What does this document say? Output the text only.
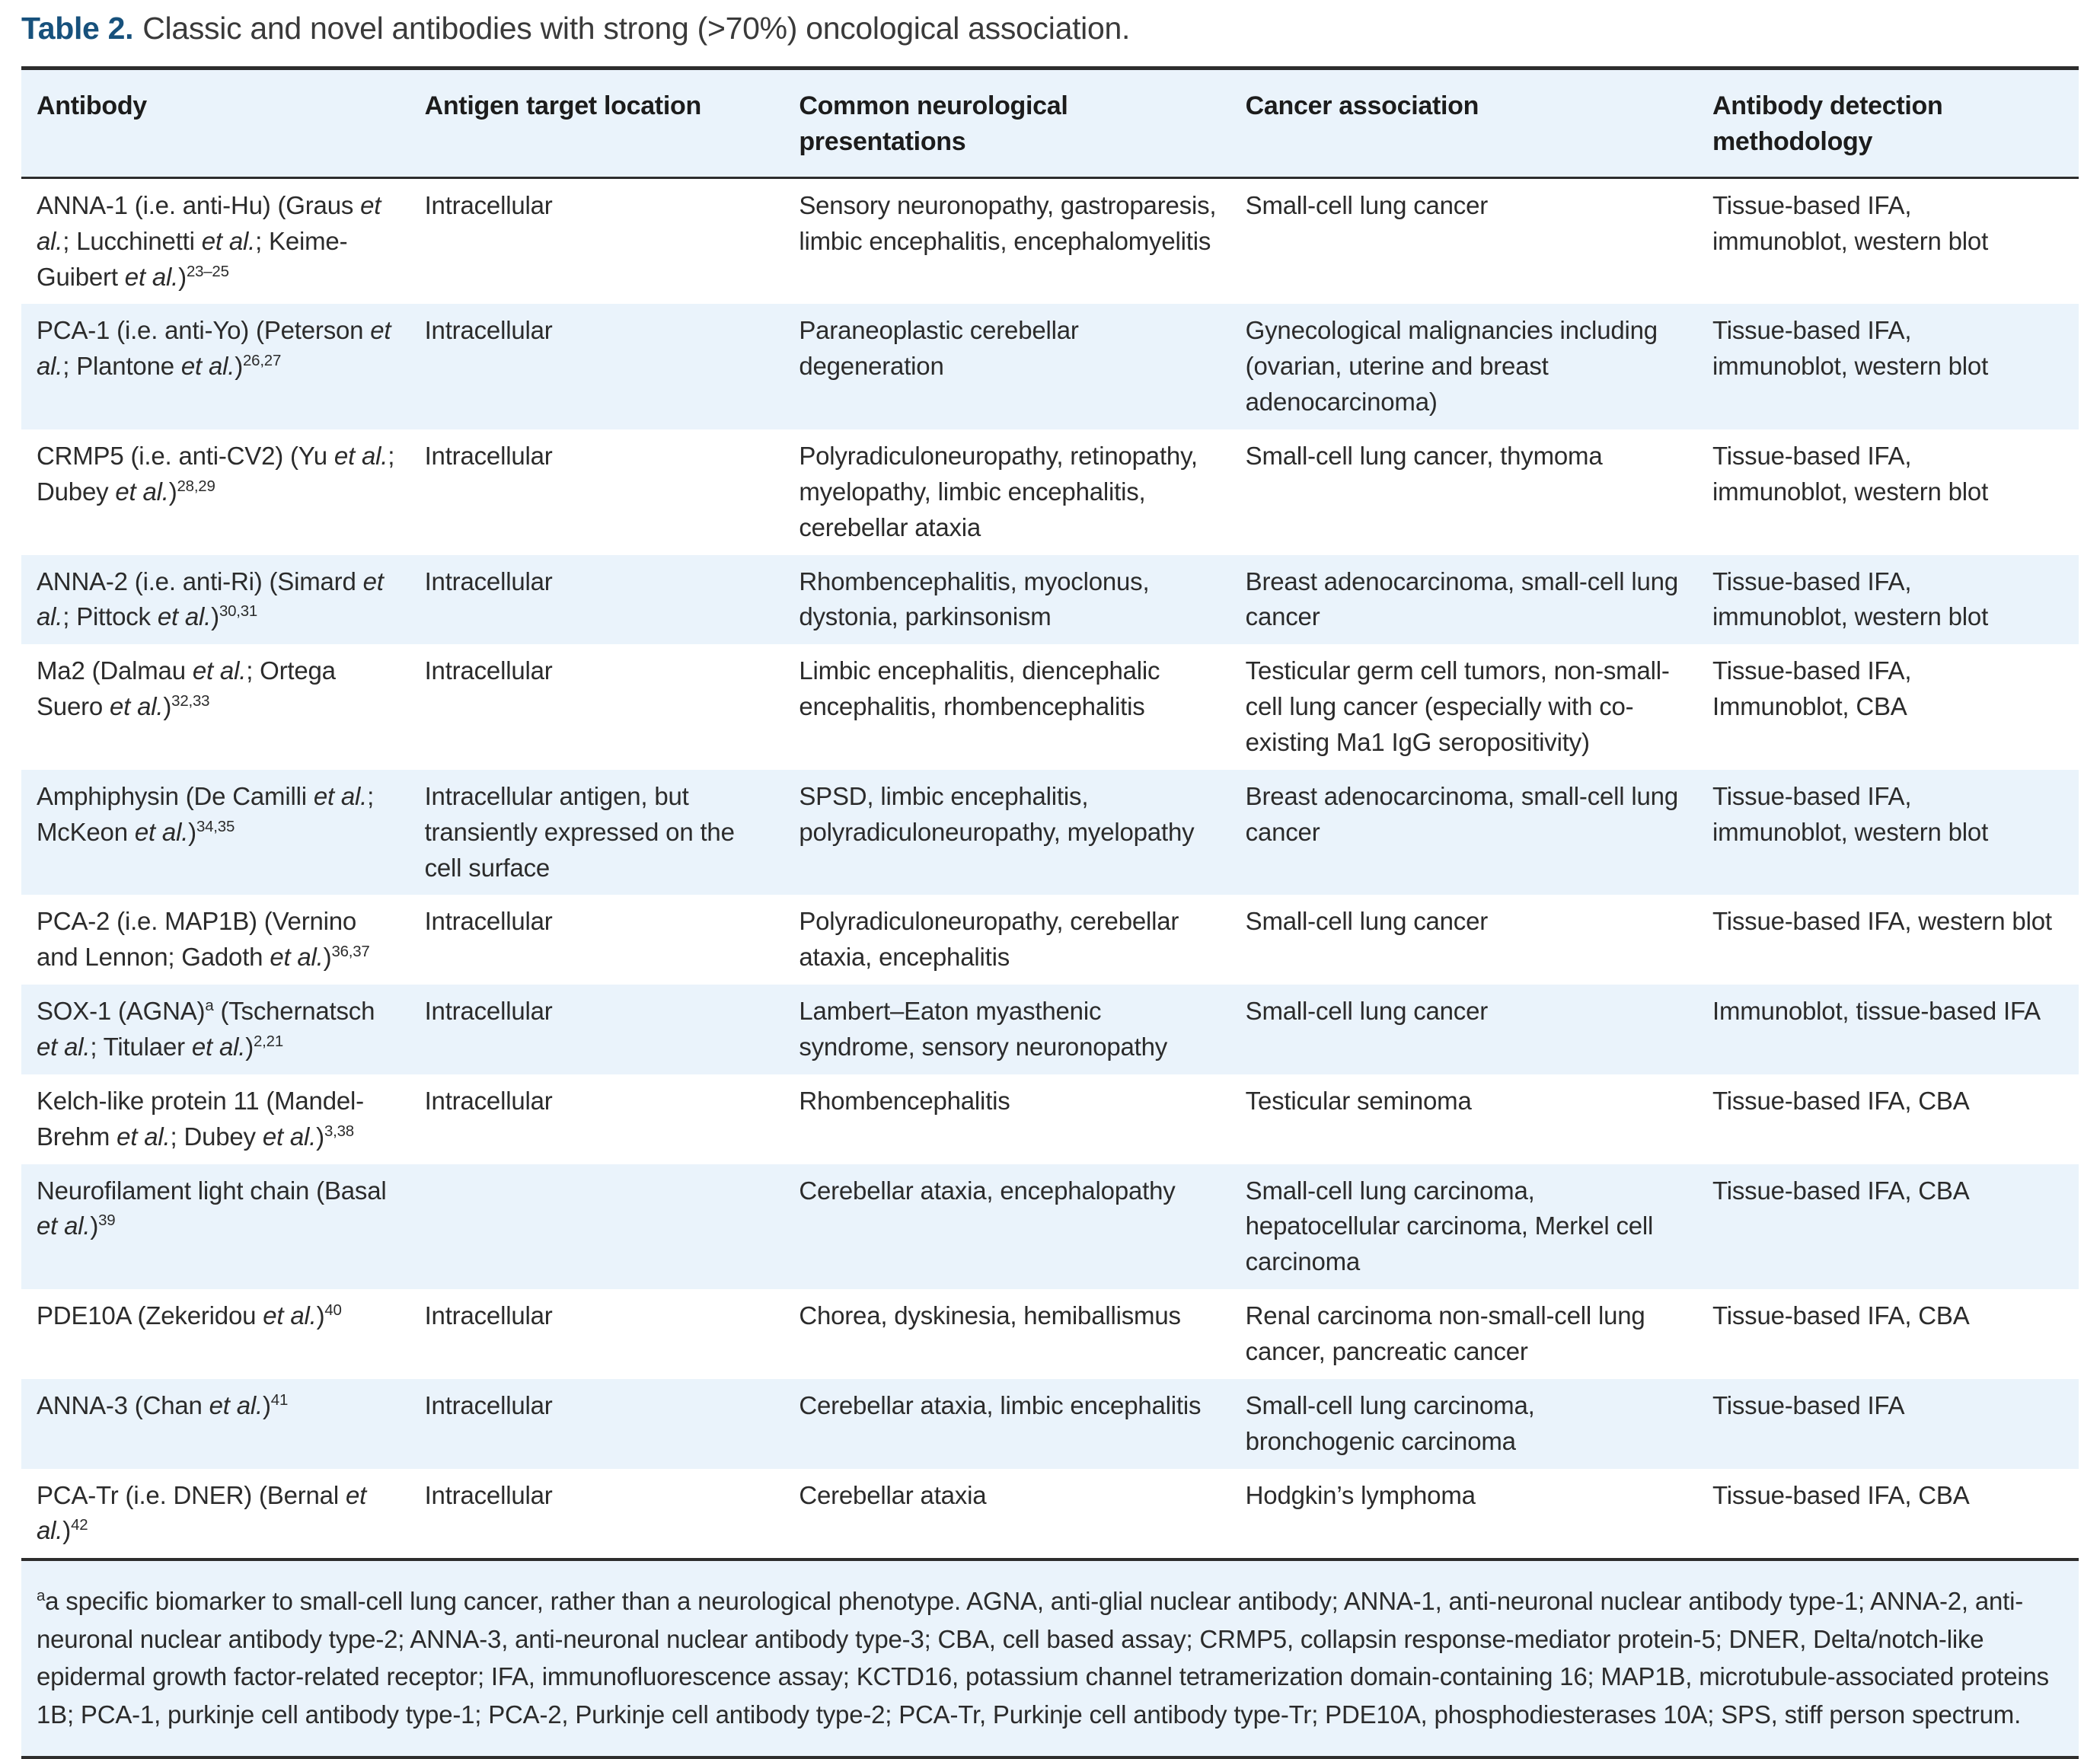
Table 2. Classic and novel antibodies with strong (>70%) oncological association.
Antibody	Antigen target location	Common neurological presentations	Cancer association	Antibody detection methodology
ANNA-1 (i.e. anti-Hu) (Graus et al.; Lucchinetti et al.; Keime-Guibert et al.)$^{23-25}$	Intracellular	Sensory neuronopathy, gastroparesis, limbic encephalitis, encephalomyelitis	Small-cell lung cancer	Tissue-based IFA, immunoblot, western blot
PCA-1 (i.e. anti-Yo) (Peterson et al.; Plantone et al.)$^{26,27}$	Intracellular	Paraneoplastic cerebellar degeneration	Gynecological malignancies including (ovarian, uterine and breast adenocarcinoma)	Tissue-based IFA, immunoblot, western blot
CRMP5 (i.e. anti-CV2) (Yu et al.; Dubey et al.)$^{28,29}$	Intracellular	Polyradiculoneuropathy, retinopathy, myelopathy, limbic encephalitis, cerebellar ataxia	Small-cell lung cancer, thymoma	Tissue-based IFA, immunoblot, western blot
ANNA-2 (i.e. anti-Ri) (Simard et al.; Pittock et al.)$^{30,31}$	Intracellular	Rhombencephalitis, myoclonus, dystonia, parkinsonism	Breast adenocarcinoma, small-cell lung cancer	Tissue-based IFA, immunoblot, western blot
Ma2 (Dalmau et al.; Ortega Suero et al.)$^{32,33}$	Intracellular	Limbic encephalitis, diencephalic encephalitis, rhombencephalitis	Testicular germ cell tumors, non-small-cell lung cancer (especially with co-existing Ma1 IgG seropositivity)	Tissue-based IFA, Immunoblot, CBA
Amphiphysin (De Camilli et al.; McKeon et al.)$^{34,35}$	Intracellular antigen, but transiently expressed on the cell surface	SPSD, limbic encephalitis, polyradiculoneuropathy, myelopathy	Breast adenocarcinoma, small-cell lung cancer	Tissue-based IFA, immunoblot, western blot
PCA-2 (i.e. MAP1B) (Vernino and Lennon; Gadoth et al.)$^{36,37}$	Intracellular	Polyradiculoneuropathy, cerebellar ataxia, encephalitis	Small-cell lung cancer	Tissue-based IFA, western blot
SOX-1 (AGNA)$^a$ (Tschernatsch et al.; Titulaer et al.)$^{2,21}$	Intracellular	Lambert–Eaton myasthenic syndrome, sensory neuronopathy	Small-cell lung cancer	Immunoblot, tissue-based IFA
Kelch-like protein 11 (Mandel-Brehm et al.; Dubey et al.)$^{3,38}$	Intracellular	Rhombencephalitis	Testicular seminoma	Tissue-based IFA, CBA
Neurofilament light chain (Basal et al.)$^{39}$		Cerebellar ataxia, encephalopathy	Small-cell lung carcinoma, hepatocellular carcinoma, Merkel cell carcinoma	Tissue-based IFA, CBA
PDE10A (Zekeridou et al.)$^{40}$	Intracellular	Chorea, dyskinesia, hemiballismus	Renal carcinoma non-small-cell lung cancer, pancreatic cancer	Tissue-based IFA, CBA
ANNA-3 (Chan et al.)$^{41}$	Intracellular	Cerebellar ataxia, limbic encephalitis	Small-cell lung carcinoma, bronchogenic carcinoma	Tissue-based IFA
PCA-Tr (i.e. DNER) (Bernal et al.)$^{42}$	Intracellular	Cerebellar ataxia	Hodgkin’s lymphoma	Tissue-based IFA, CBA
$^a$a specific biomarker to small-cell lung cancer, rather than a neurological phenotype. AGNA, anti-glial nuclear antibody; ANNA-1, anti-neuronal nuclear antibody type-1; ANNA-2, anti-neuronal nuclear antibody type-2; ANNA-3, anti-neuronal nuclear antibody type-3; CBA, cell based assay; CRMP5, collapsin response-mediator protein-5; DNER, Delta/notch-like epidermal growth factor-related receptor; IFA, immunofluorescence assay; KCTD16, potassium channel tetramerization domain-containing 16; MAP1B, microtubule-associated proteins 1B; PCA-1, purkinje cell antibody type-1; PCA-2, Purkinje cell antibody type-2; PCA-Tr, Purkinje cell antibody type-Tr; PDE10A, phosphodiesterases 10A; SPS, stiff person spectrum.
